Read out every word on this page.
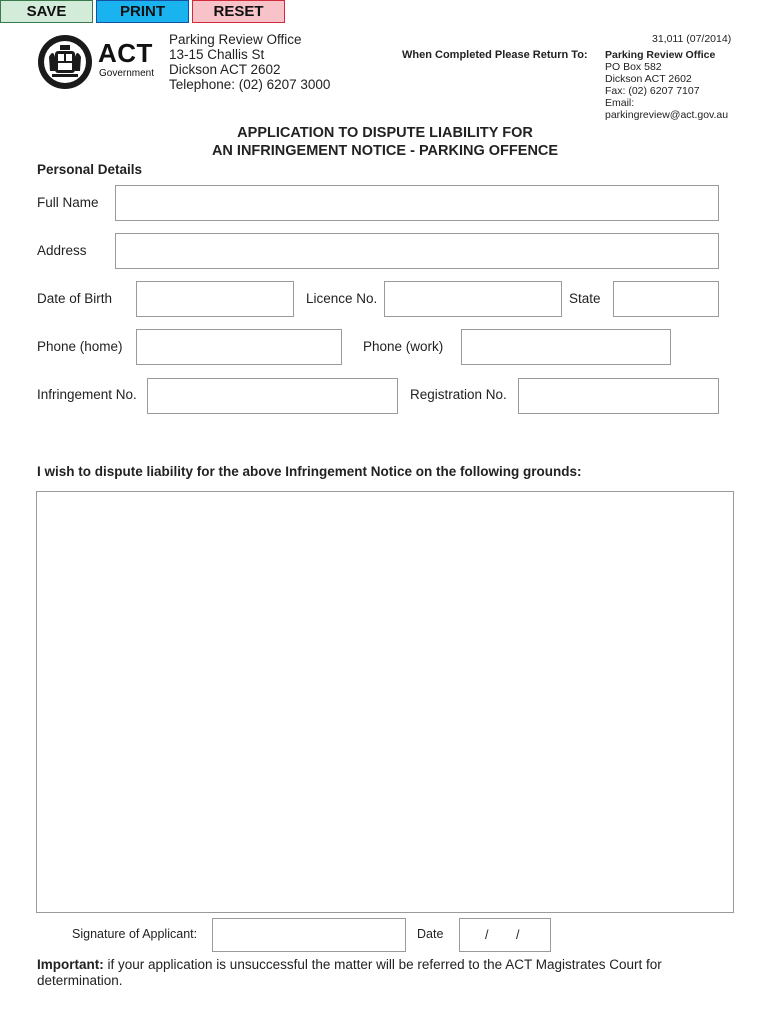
SAVE	PRINT	RESET
ACT
Government
Parking Review Office
13-15 Challis St
Dickson ACT 2602
Telephone: (02) 6207 3000
31,011 (07/2014)
When Completed Please Return To: Parking Review Office
PO Box 582
Dickson ACT 2602
Fax: (02) 6207 7107
Email:
parkingreview@act.gov.au
APPLICATION TO DISPUTE LIABILITY FOR
AN INFRINGEMENT NOTICE - PARKING OFFENCE
Personal Details
Full Name
Address
Date of Birth	Licence No.	State
Phone (home)	Phone (work)
Infringement No.	Registration No.
I wish to dispute liability for the above Infringement Notice on the following grounds:
Signature of Applicant:	Date	/ /
Important: if your application is unsuccessful the matter will be referred to the ACT Magistrates Court for
determination.
